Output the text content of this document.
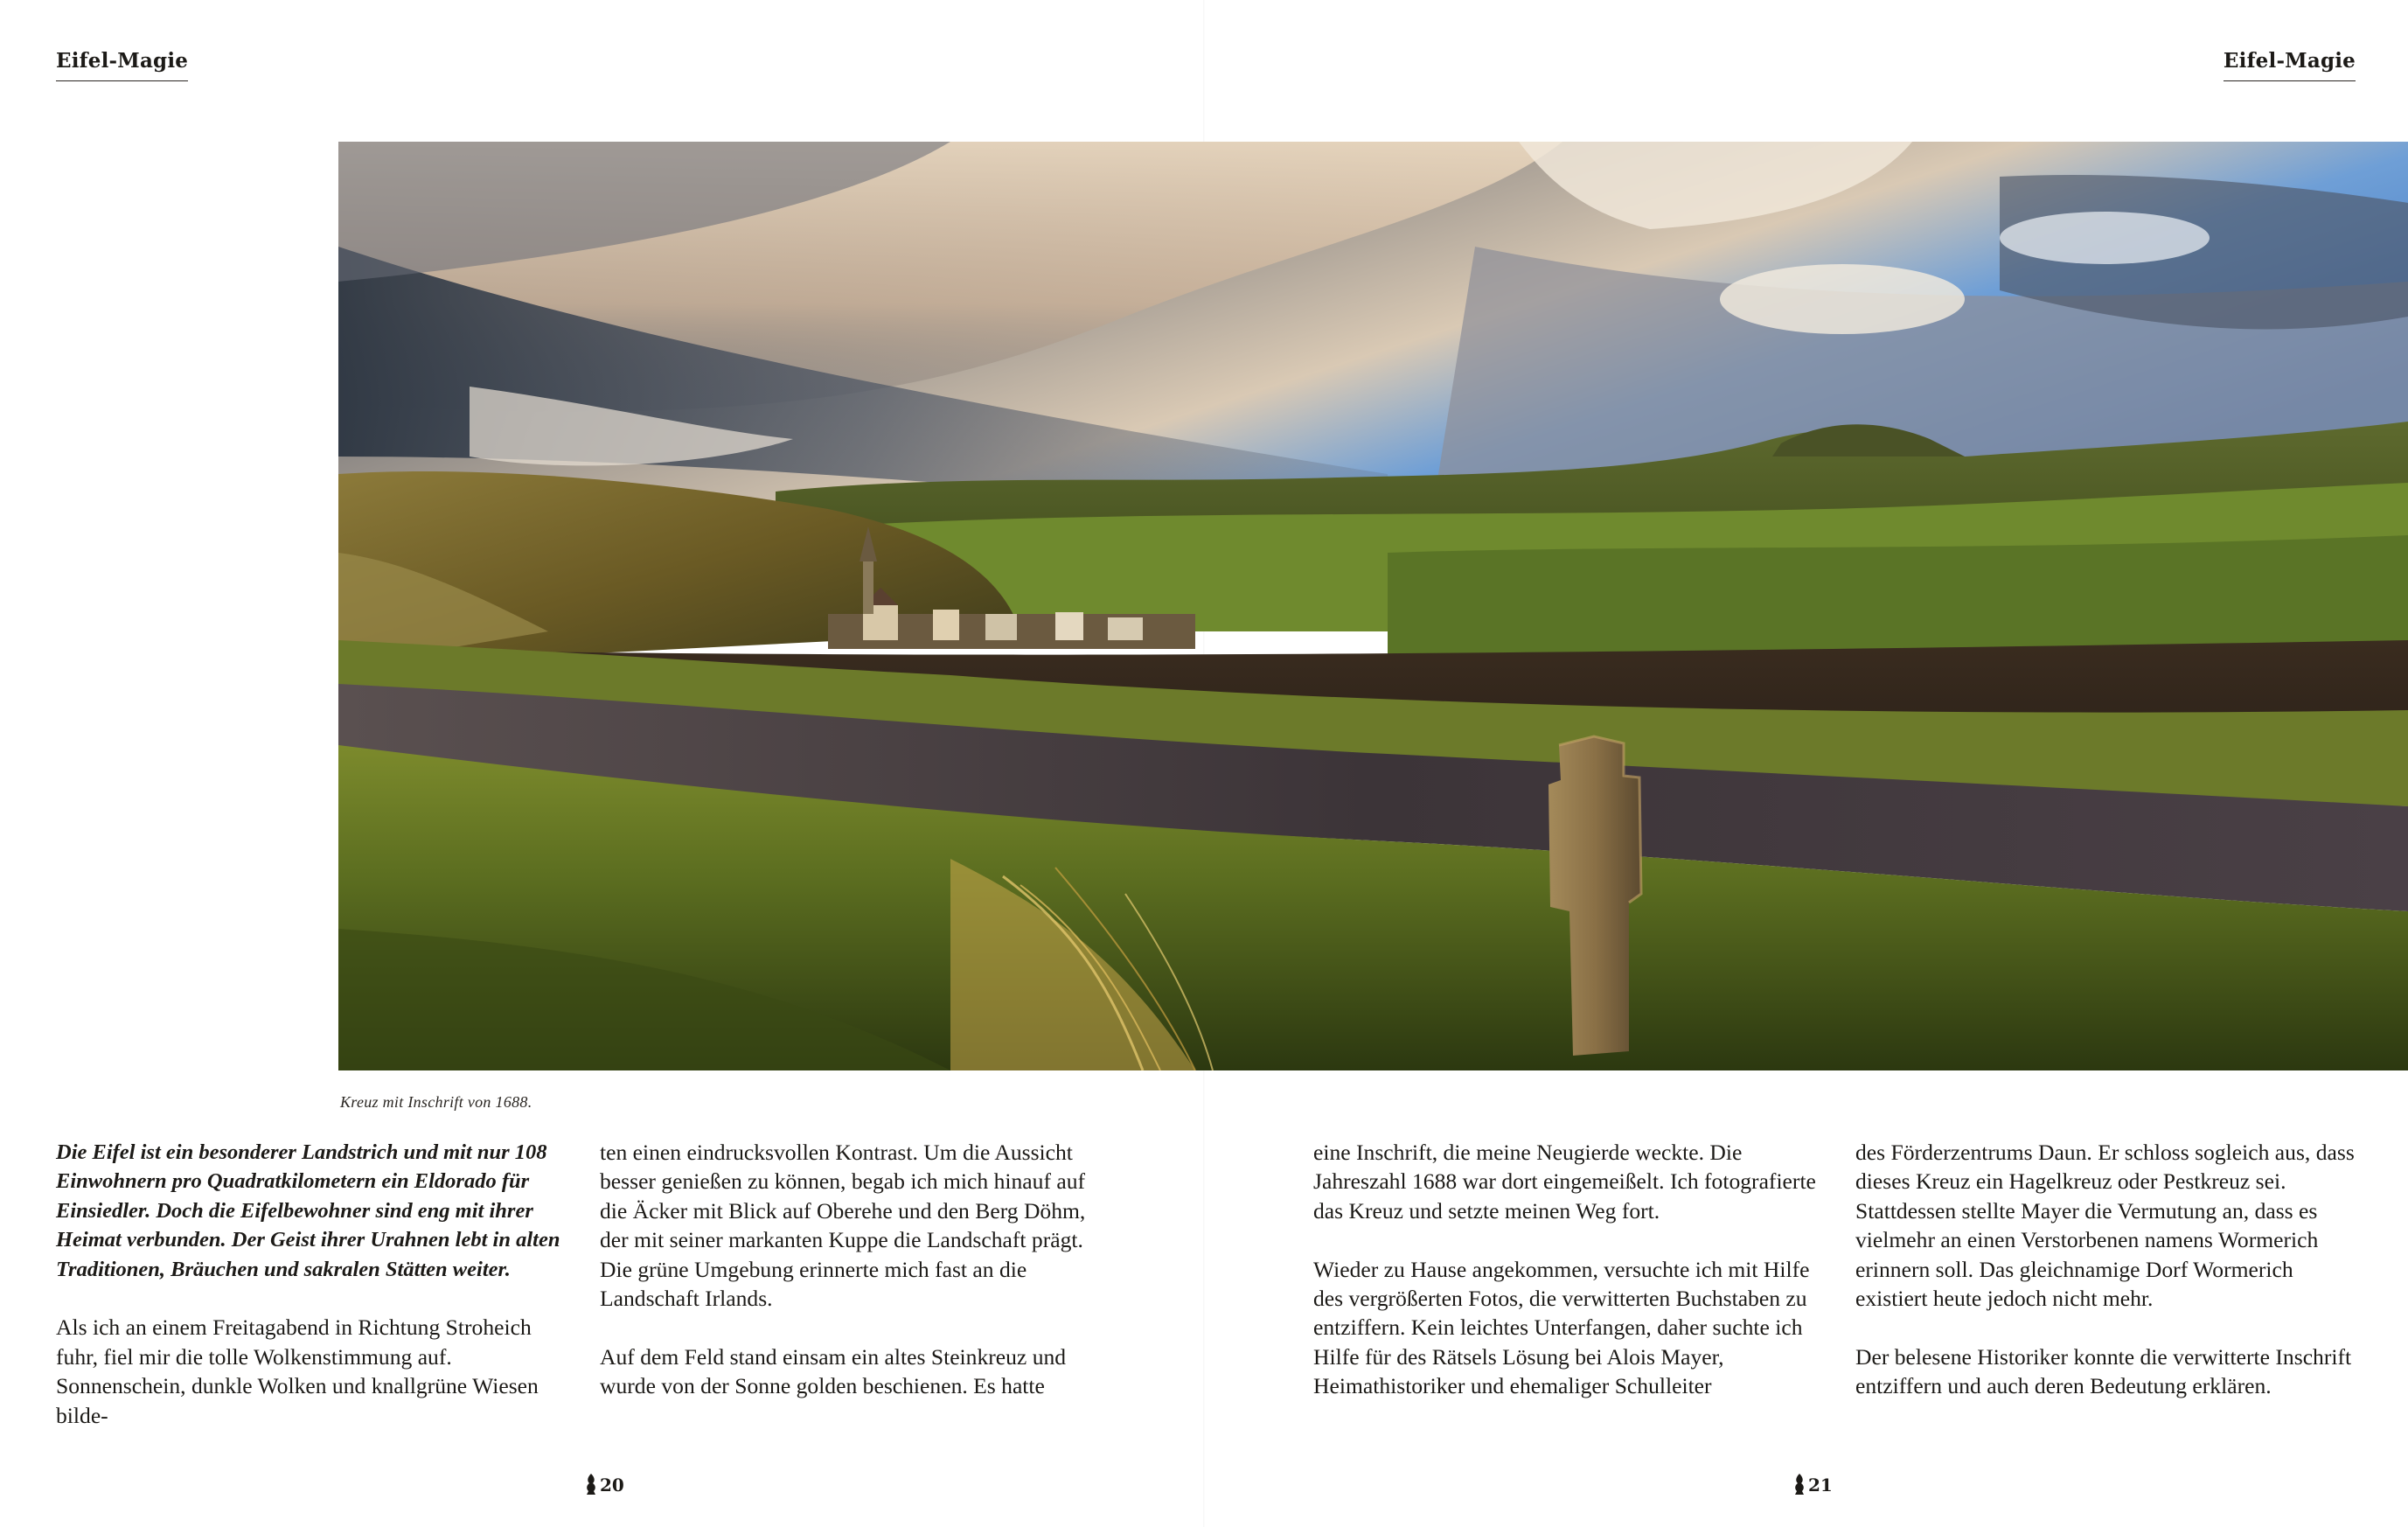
Eifel-Magie	Eifel-Magie
Kreuz mit Inschrift von 1688.

Die Eifel ist ein besonderer Landstrich und mit nur 108 Einwohnern pro Quadratkilometern ein Eldorado für Einsiedler. Doch die Eifelbewohner sind eng mit ihrer Heimat verbunden. Der Geist ihrer Urahnen lebt in alten Traditionen, Bräuchen und sakralen Stätten weiter.

Als ich an einem Freitagabend in Richtung Stroheich fuhr, fiel mir die tolle Wolkenstimmung auf. Sonnenschein, dunkle Wolken und knallgrüne Wiesen bilde-

ten einen eindrucksvollen Kontrast. Um die Aussicht besser genießen zu können, begab ich mich hinauf auf die Äcker mit Blick auf Oberehe und den Berg Döhm, der mit seiner markanten Kuppe die Landschaft prägt. Die grüne Umgebung erinnerte mich fast an die Landschaft Irlands.

Auf dem Feld stand einsam ein altes Steinkreuz und wurde von der Sonne golden beschienen. Es hatte

eine Inschrift, die meine Neugierde weckte. Die Jahreszahl 1688 war dort eingemeißelt. Ich fotografierte das Kreuz und setzte meinen Weg fort.

Wieder zu Hause angekommen, versuchte ich mit Hilfe des vergrößerten Fotos, die verwitterten Buchstaben zu entziffern. Kein leichtes Unterfangen, daher suchte ich Hilfe für des Rätsels Lösung bei Alois Mayer, Heimathistoriker und ehemaliger Schulleiter

des Förderzentrums Daun. Er schloss sogleich aus, dass dieses Kreuz ein Hagelkreuz oder Pestkreuz sei. Stattdessen stellte Mayer die Vermutung an, dass es vielmehr an einen Verstorbenen namens Wormerich erinnern soll. Das gleichnamige Dorf Wormerich existiert heute jedoch nicht mehr.

Der belesene Historiker konnte die verwitterte Inschrift entziffern und auch deren Bedeutung erklären.

20	21
